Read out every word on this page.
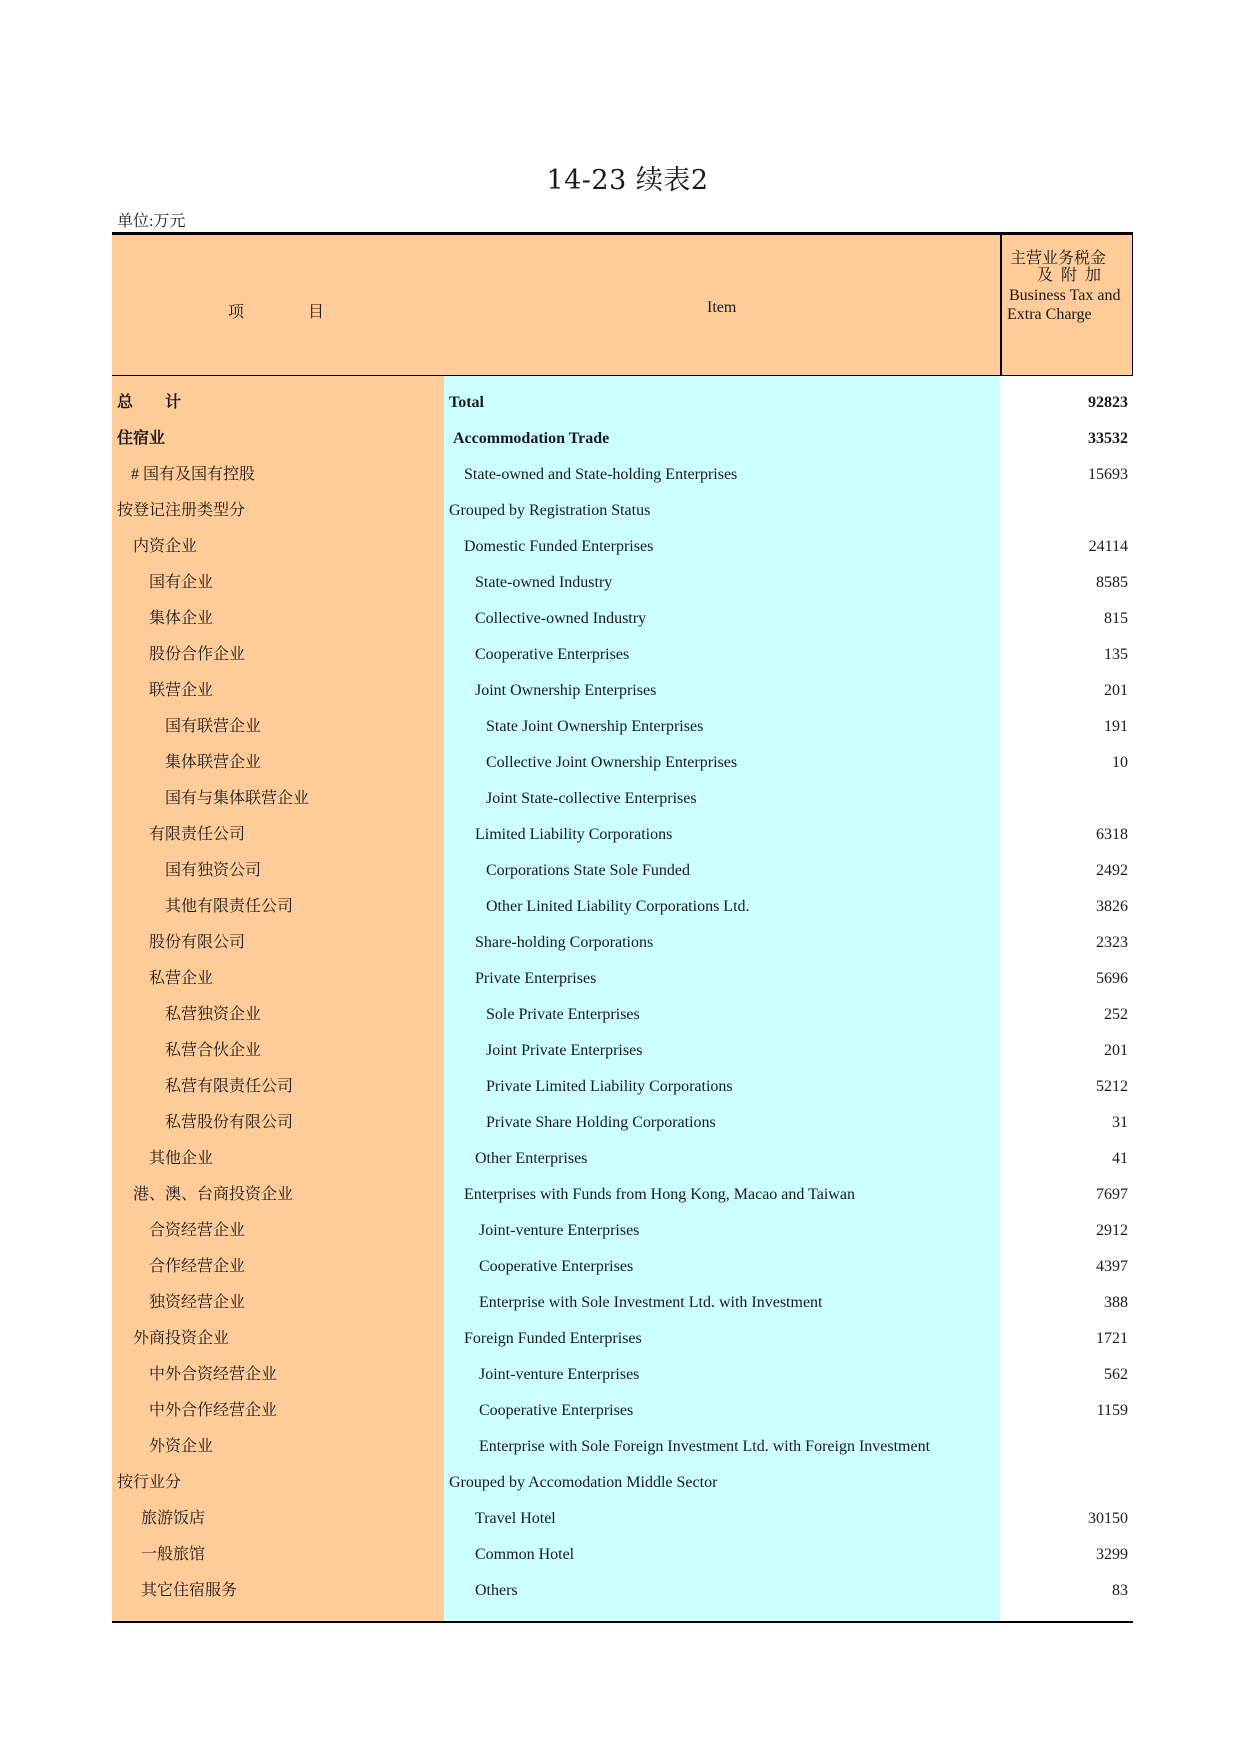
14-23 续表2
单位:万元
项　　　　目	Item
主营业务税金
及附加
Business Tax and
Extra Charge
总　　计	Total	92823
住宿业	Accommodation Trade	33532
# 国有及国有控股	State-owned and State-holding Enterprises	15693
按登记注册类型分	Grouped by Registration Status
内资企业	Domestic Funded Enterprises	24114
国有企业	State-owned Industry	8585
集体企业	Collective-owned Industry	815
股份合作企业	Cooperative Enterprises	135
联营企业	Joint Ownership Enterprises	201
国有联营企业	State Joint Ownership Enterprises	191
集体联营企业	Collective Joint Ownership Enterprises	10
国有与集体联营企业	Joint State-collective Enterprises
有限责任公司	Limited Liability Corporations	6318
国有独资公司	Corporations State Sole Funded	2492
其他有限责任公司	Other Linited Liability Corporations Ltd.	3826
股份有限公司	Share-holding Corporations	2323
私营企业	Private Enterprises	5696
私营独资企业	Sole Private Enterprises	252
私营合伙企业	Joint Private Enterprises	201
私营有限责任公司	Private Limited Liability Corporations	5212
私营股份有限公司	Private Share Holding Corporations	31
其他企业	Other Enterprises	41
港、澳、台商投资企业	Enterprises with Funds from Hong Kong, Macao and Taiwan	7697
合资经营企业	Joint-venture Enterprises	2912
合作经营企业	Cooperative Enterprises	4397
独资经营企业	Enterprise with Sole Investment Ltd. with Investment	388
外商投资企业	Foreign Funded Enterprises	1721
中外合资经营企业	Joint-venture Enterprises	562
中外合作经营企业	Cooperative Enterprises	1159
外资企业	Enterprise with Sole Foreign Investment Ltd. with Foreign Investment
按行业分	Grouped by Accomodation Middle Sector
旅游饭店	Travel Hotel	30150
一般旅馆	Common Hotel	3299
其它住宿服务	Others	83
